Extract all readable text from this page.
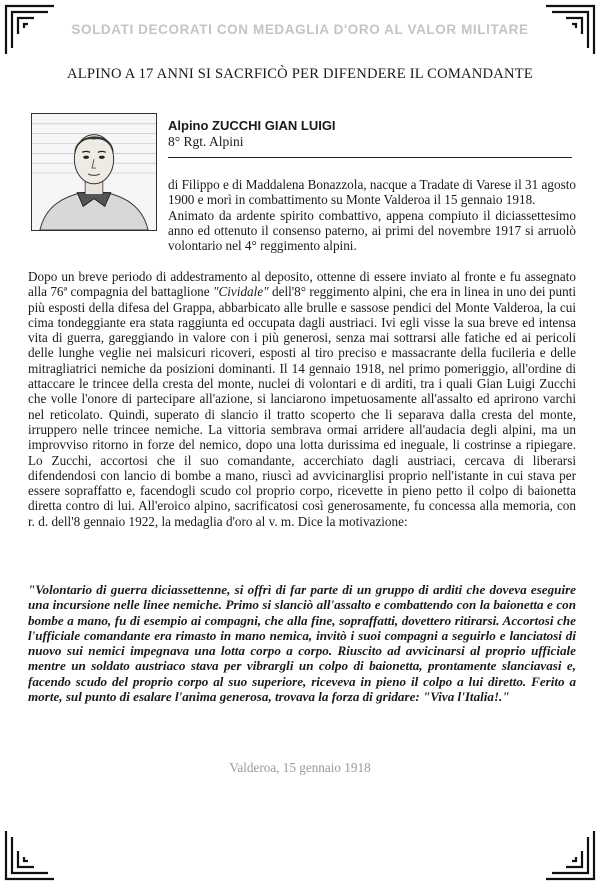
SOLDATI DECORATI CON MEDAGLIA D'ORO AL VALOR MILITARE
ALPINO A 17 ANNI SI SACRFICÒ PER DIFENDERE IL COMANDANTE
Alpino ZUCCHI GIAN LUIGI
8° Rgt. Alpini

di Filippo e di Maddalena Bonazzola, nacque a Tradate di Varese il 31 agosto 1900 e morì in combattimento su Monte Valderoa il 15 gennaio 1918.

Animato da ardente spirito combattivo, appena compiuto il diciassettesimo anno ed ottenuto il consenso paterno, ai primi del novembre 1917 si arruolò volontario nel 4° reggimento alpini.

Dopo un breve periodo di addestramento al deposito, ottenne di essere inviato al fronte e fu assegnato alla 76ª compagnia del battaglione "Cividale" dell'8° reggimento alpini, che era in linea in uno dei punti più esposti della difesa del Grappa, abbarbicato alle brulle e sassose pendici del Monte Valderoa, la cui cima tondeggiante era stata raggiunta ed occupata dagli austriaci. Ivi egli visse la sua breve ed intensa vita di guerra, gareggiando in valore con i più generosi, senza mai sottrarsi alle fatiche ed ai pericoli delle lunghe veglie nei malsicuri ricoveri, esposti al tiro preciso e massacrante della fucileria e delle mitragliatrici nemiche da posizioni dominanti. Il 14 gennaio 1918, nel primo pomeriggio, all'ordine di attaccare le trincee della cresta del monte, nuclei di volontari e di arditi, tra i quali Gian Luigi Zucchi che volle l'onore di partecipare all'azione, si lanciarono impetuosamente all'assalto ed aprirono varchi nel reticolato. Quindi, superato di slancio il tratto scoperto che li separava dalla cresta del monte, irruppero nelle trincee nemiche. La vittoria sembrava ormai arridere all'audacia degli alpini, ma un improvviso ritorno in forze del nemico, dopo una lotta durissima ed ineguale, li costrinse a ripiegare. Lo Zucchi, accortosi che il suo comandante, accerchiato dagli austriaci, cercava di liberarsi difendendosi con lancio di bombe a mano, riuscì ad avvicinarglisi proprio nell'istante in cui stava per essere sopraffatto e, facendogli scudo col proprio corpo, ricevette in pieno petto il colpo di baionetta diretta contro di lui. All'eroico alpino, sacrificatosi così generosamente, fu concessa alla memoria, con r. d. dell'8 gennaio 1922, la medaglia d'oro al v. m. Dice la motivazione:

"Volontario di guerra diciassettenne, si offrì di far parte di un gruppo di arditi che doveva eseguire una incursione nelle linee nemiche. Primo si slanciò all'assalto e combattendo con la baionetta e con bombe a mano, fu di esempio ai compagni, che alla fine, sopraffatti, dovettero ritirarsi. Accortosi che l'ufficiale comandante era rimasto in mano nemica, invitò i suoi compagni a seguirlo e lanciatosi di nuovo sui nemici impegnava una lotta corpo a corpo. Riuscito ad avvicinarsi al proprio ufficiale mentre un soldato austriaco stava per vibrargli un colpo di baionetta, prontamente slanciavasi e, facendo scudo del proprio corpo al suo superiore, riceveva in pieno il colpo a lui diretto. Ferito a morte, sul punto di esalare l'anima generosa, trovava la forza di gridare: "Viva l'Italia!."

Valderoa, 15 gennaio 1918
